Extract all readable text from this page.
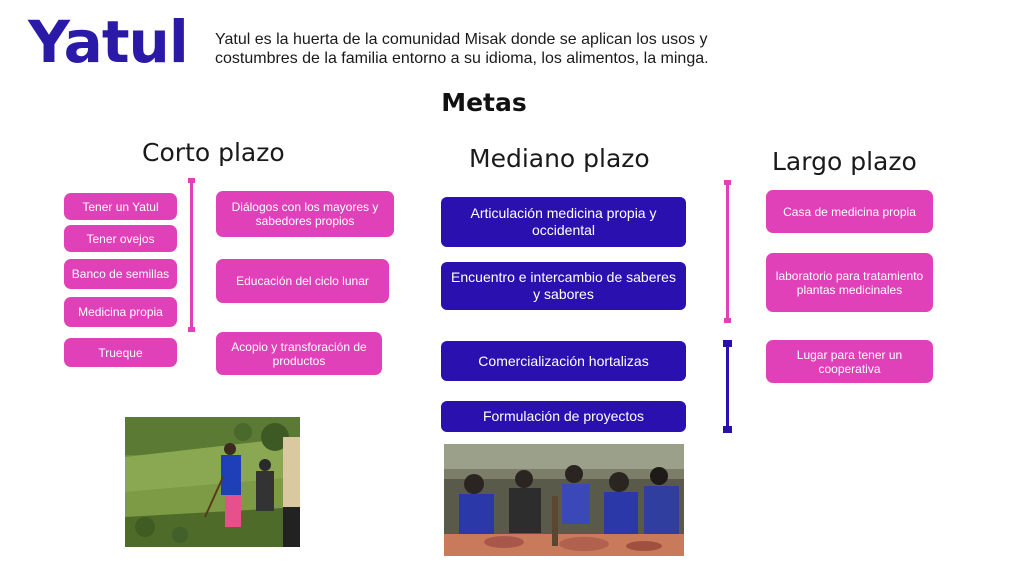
Yatul Yatul es la huerta de la comunidad Misak donde se aplican los usos y costumbres de la familia entorno a su idioma, los alimentos, la minga.
Metas
Corto plazo	Mediano plazo	Largo plazo
Tener un Yatul
Tener ovejos
Banco de semillas
Medicina propia
Trueque
Diálogos con los mayores y sabedores propios
Educación del ciclo lunar
Acopio y transforación de productos
Articulación medicina propia y occidental
Encuentro e intercambio de saberes y sabores
Comercialización hortalizas
Formulación de proyectos
Casa de medicina propia
laboratorio para tratamiento plantas medicinales
Lugar para tener un cooperativa
